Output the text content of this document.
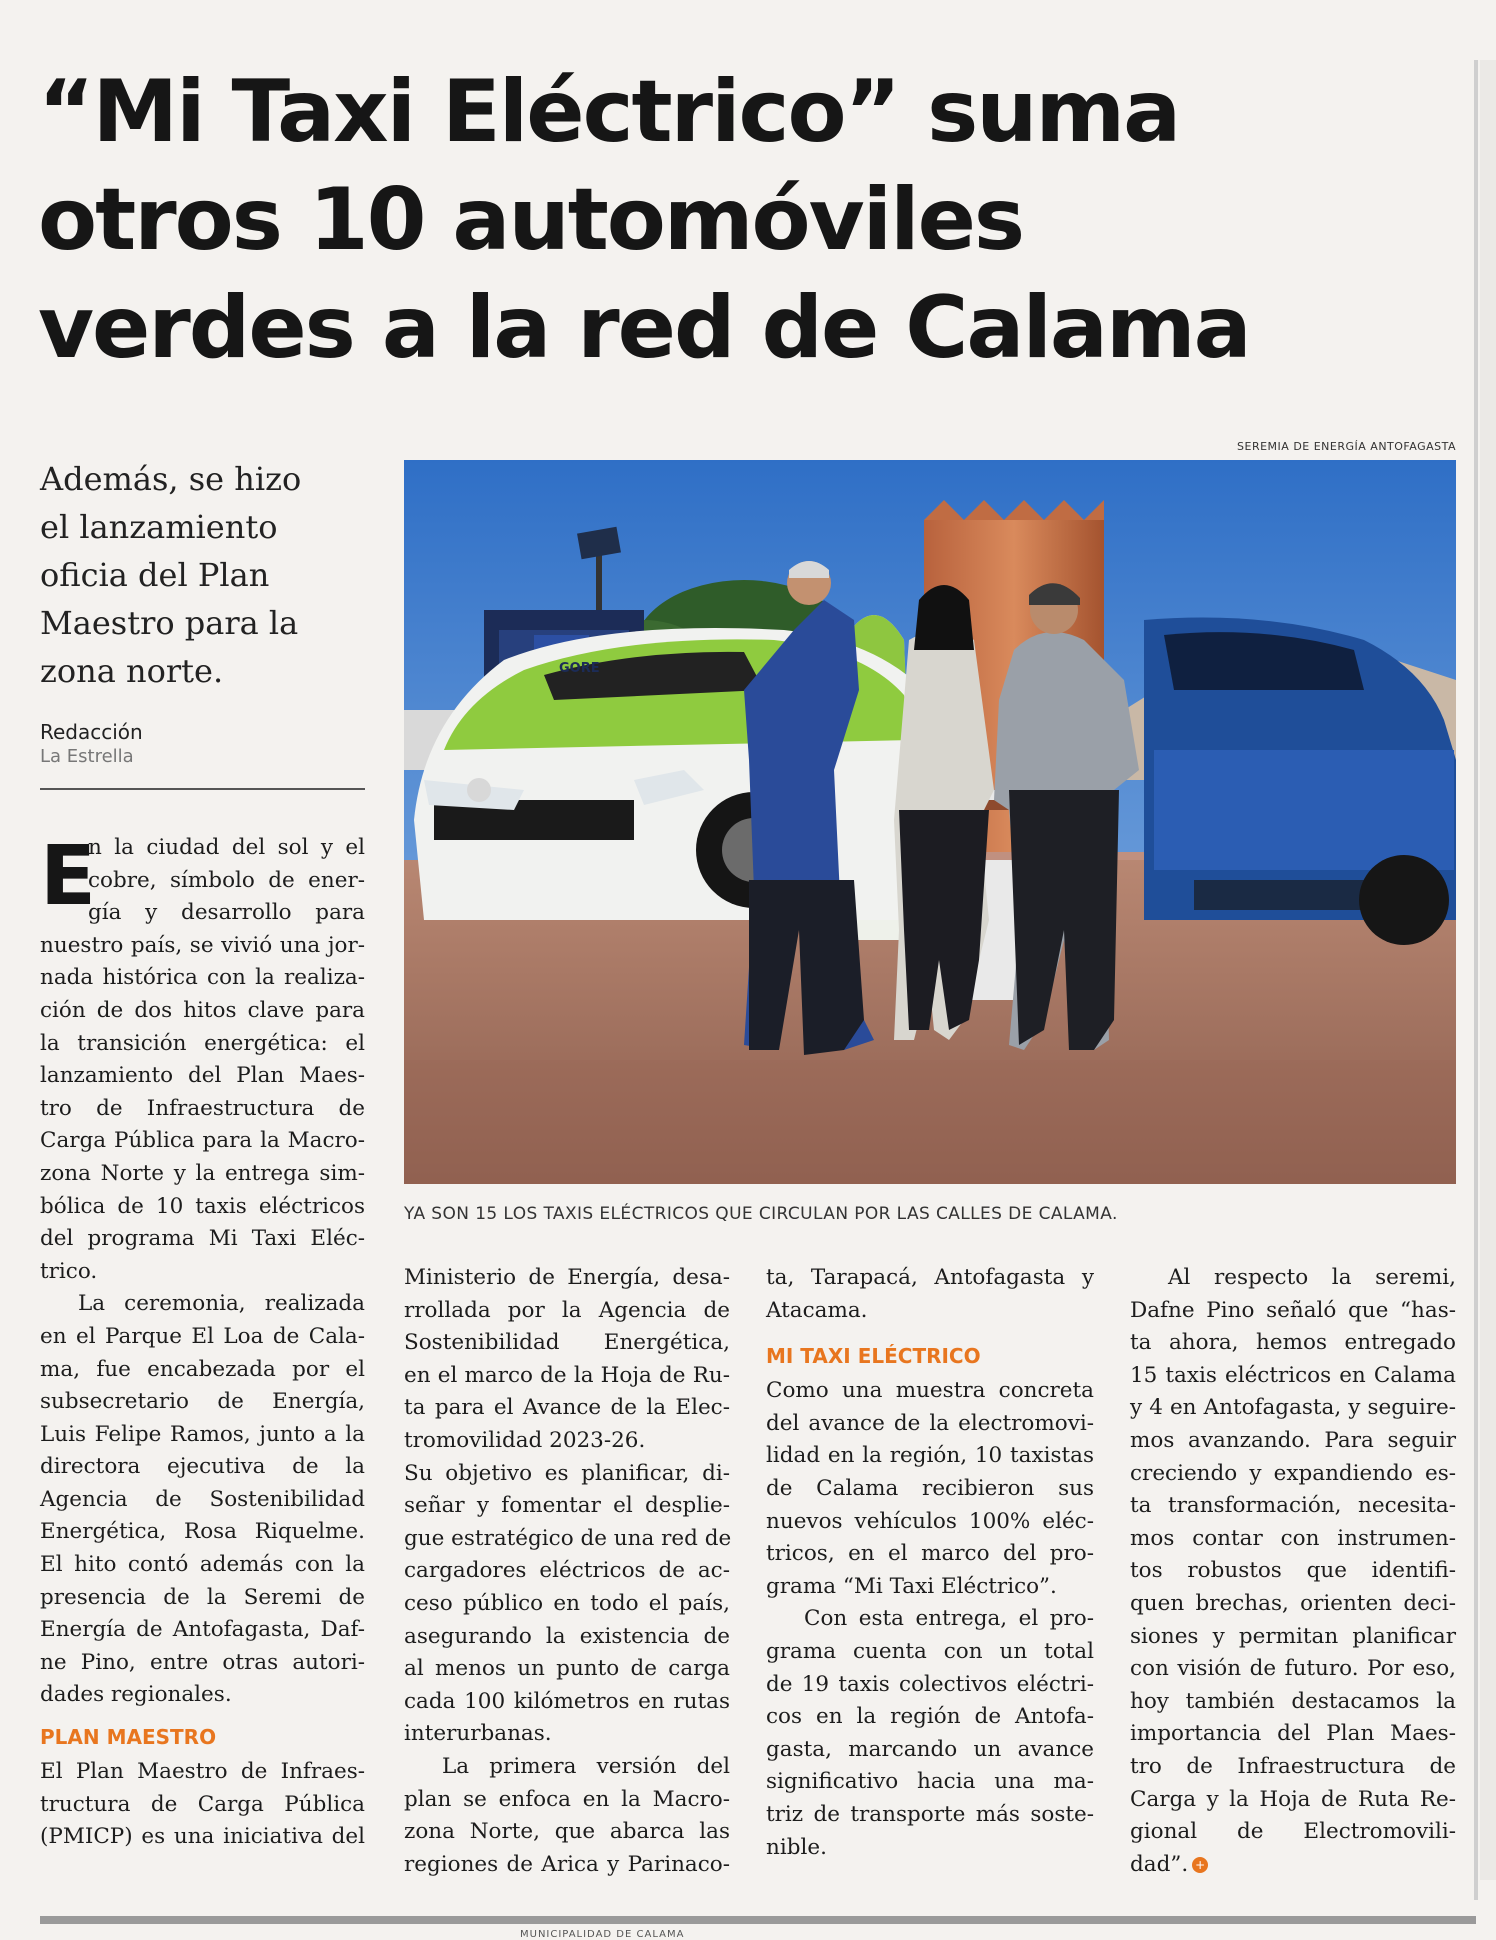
“Mi Taxi Eléctrico” suma
otros 10 automóviles
verdes a la red de Calama
Además, se hizo
el lanzamiento
oficia del Plan
Maestro para la
zona norte.
Redacción
La Estrella
SEREMIA DE ENERGÍA ANTOFAGASTA
GORE
YA SON 15 LOS TAXIS ELÉCTRICOS QUE CIRCULAN POR LAS CALLES DE CALAMA.
E
n la ciudad del sol y el
cobre, símbolo de ener-
gía y desarrollo para
nuestro país, se vivió una jor-
nada histórica con la realiza-
ción de dos hitos clave para
la transición energética: el
lanzamiento del Plan Maes-
tro de Infraestructura de
Carga Pública para la Macro-
zona Norte y la entrega sim-
bólica de 10 taxis eléctricos
del programa Mi Taxi Eléc-
trico.
La ceremonia, realizada
en el Parque El Loa de Cala-
ma, fue encabezada por el
subsecretario de Energía,
Luis Felipe Ramos, junto a la
directora ejecutiva de la
Agencia de Sostenibilidad
Energética, Rosa Riquelme.
El hito contó además con la
presencia de la Seremi de
Energía de Antofagasta, Daf-
ne Pino, entre otras autori-
dades regionales.
PLAN MAESTRO
El Plan Maestro de Infraes-
tructura de Carga Pública
(PMICP) es una iniciativa del
Ministerio de Energía, desa-
rrollada por la Agencia de
Sostenibilidad Energética,
en el marco de la Hoja de Ru-
ta para el Avance de la Elec-
tromovilidad 2023-26.
Su objetivo es planificar, di-
señar y fomentar el desplie-
gue estratégico de una red de
cargadores eléctricos de ac-
ceso público en todo el país,
asegurando la existencia de
al menos un punto de carga
cada 100 kilómetros en rutas
interurbanas.
La primera versión del
plan se enfoca en la Macro-
zona Norte, que abarca las
regiones de Arica y Parinaco-
ta, Tarapacá, Antofagasta y
Atacama.
MI TAXI ELÉCTRICO
Como una muestra concreta
del avance de la electromovi-
lidad en la región, 10 taxistas
de Calama recibieron sus
nuevos vehículos 100% eléc-
tricos, en el marco del pro-
grama “Mi Taxi Eléctrico”.
Con esta entrega, el pro-
grama cuenta con un total
de 19 taxis colectivos eléctri-
cos en la región de Antofa-
gasta, marcando un avance
significativo hacia una ma-
triz de transporte más soste-
nible.
Al respecto la seremi,
Dafne Pino señaló que “has-
ta ahora, hemos entregado
15 taxis eléctricos en Calama
y 4 en Antofagasta, y seguire-
mos avanzando. Para seguir
creciendo y expandiendo es-
ta transformación, necesita-
mos contar con instrumen-
tos robustos que identifi-
quen brechas, orienten deci-
siones y permitan planificar
con visión de futuro. Por eso,
hoy también destacamos la
importancia del Plan Maes-
tro de Infraestructura de
Carga y la Hoja de Ruta Re-
gional de Electromovili-
dad”. +
MUNICIPALIDAD DE CALAMA
